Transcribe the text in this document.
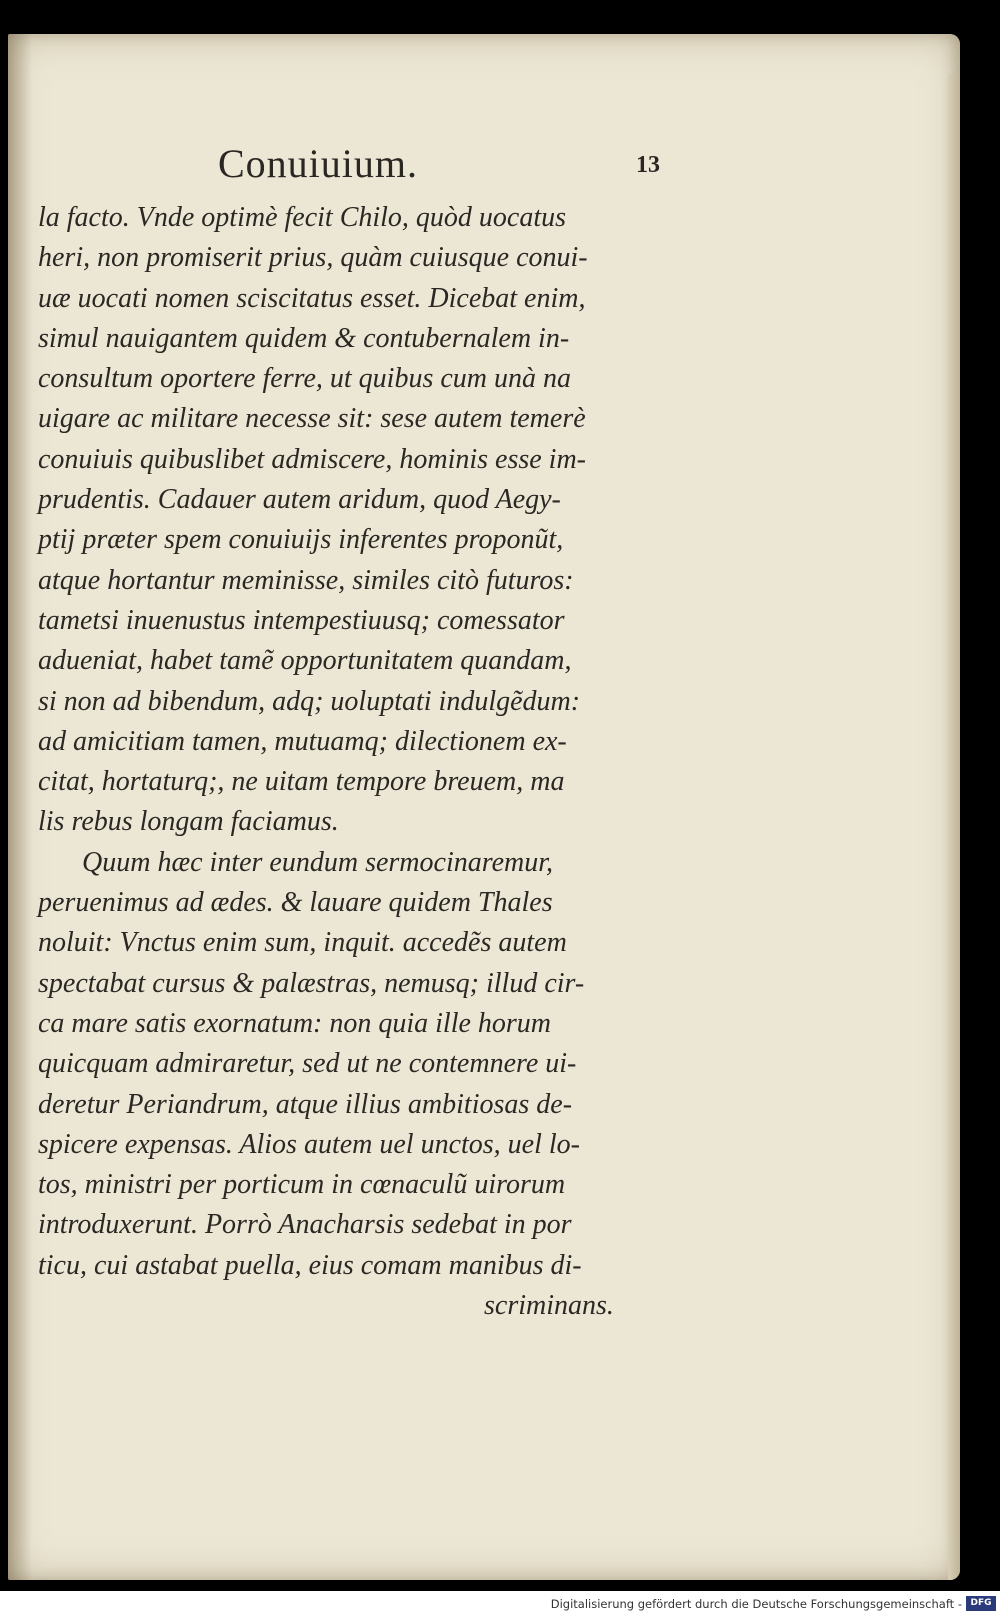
Conuiuium.	13
la facto. Vnde optimè fecit Chilo, quòd uocatus
heri, non promiserit prius, quàm cuiusque conui-
uæ uocati nomen sciscitatus esset. Dicebat enim,
simul nauigantem quidem & contubernalem in-
consultum oportere ferre, ut quibus cum unà na
uigare ac militare necesse sit: sese autem temerè
conuiuis quibuslibet admiscere, hominis esse im-
prudentis. Cadauer autem aridum, quod Aegy-
ptij præter spem conuiuijs inferentes proponũt,
atque hortantur meminisse, similes citò futuros:
tametsi inuenustus intempestiuusq; comessator
adueniat, habet tamẽ opportunitatem quandam,
si non ad bibendum, adq; uoluptati indulgẽdum:
ad amicitiam tamen, mutuamq; dilectionem ex-
citat, hortaturq;, ne uitam tempore breuem, ma
lis rebus longam faciamus.
Quum hæc inter eundum sermocinaremur,
peruenimus ad ædes. & lauare quidem Thales
noluit: Vnctus enim sum, inquit. accedẽs autem
spectabat cursus & palæstras, nemusq; illud cir-
ca mare satis exornatum: non quia ille horum
quicquam admiraretur, sed ut ne contemnere ui-
deretur Periandrum, atque illius ambitiosas de-
spicere expensas. Alios autem uel unctos, uel lo-
tos, ministri per porticum in cœnaculũ uirorum
introduxerunt. Porrò Anacharsis sedebat in por
ticu, cui astabat puella, eius comam manibus di-
scriminans.
Digitalisierung gefördert durch die Deutsche Forschungsgemeinschaft - DFG
